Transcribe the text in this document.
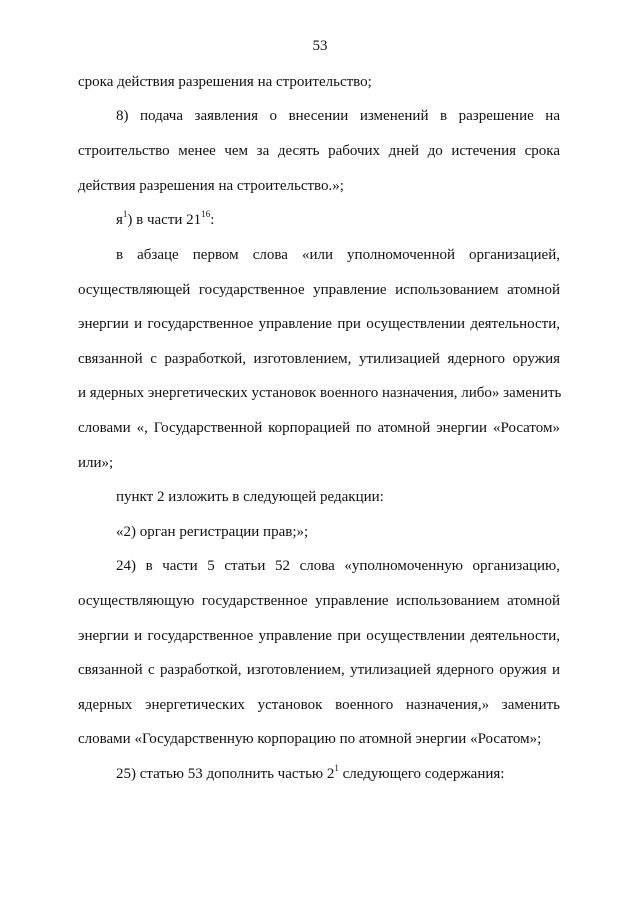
53
срока действия разрешения на строительство;
8) подача заявления о внесении изменений в разрешение на
строительство менее чем за десять рабочих дней до истечения срока
действия разрешения на строительство.»;
$я^1$) в части $21^{16}$:
в абзаце первом слова «или уполномоченной организацией,
осуществляющей государственное управление использованием атомной
энергии и государственное управление при осуществлении деятельности,
связанной с разработкой, изготовлением, утилизацией ядерного оружия
и ядерных энергетических установок военного назначения, либо» заменить
словами «, Государственной корпорацией по атомной энергии «Росатом»
или»;
пункт 2 изложить в следующей редакции:
«2) орган регистрации прав;»;
24) в части 5 статьи 52 слова «уполномоченную организацию,
осуществляющую государственное управление использованием атомной
энергии и государственное управление при осуществлении деятельности,
связанной с разработкой, изготовлением, утилизацией ядерного оружия и
ядерных энергетических установок военного назначения,» заменить
словами «Государственную корпорацию по атомной энергии «Росатом»;
25) статью 53 дополнить частью $2^1$ следующего содержания:
